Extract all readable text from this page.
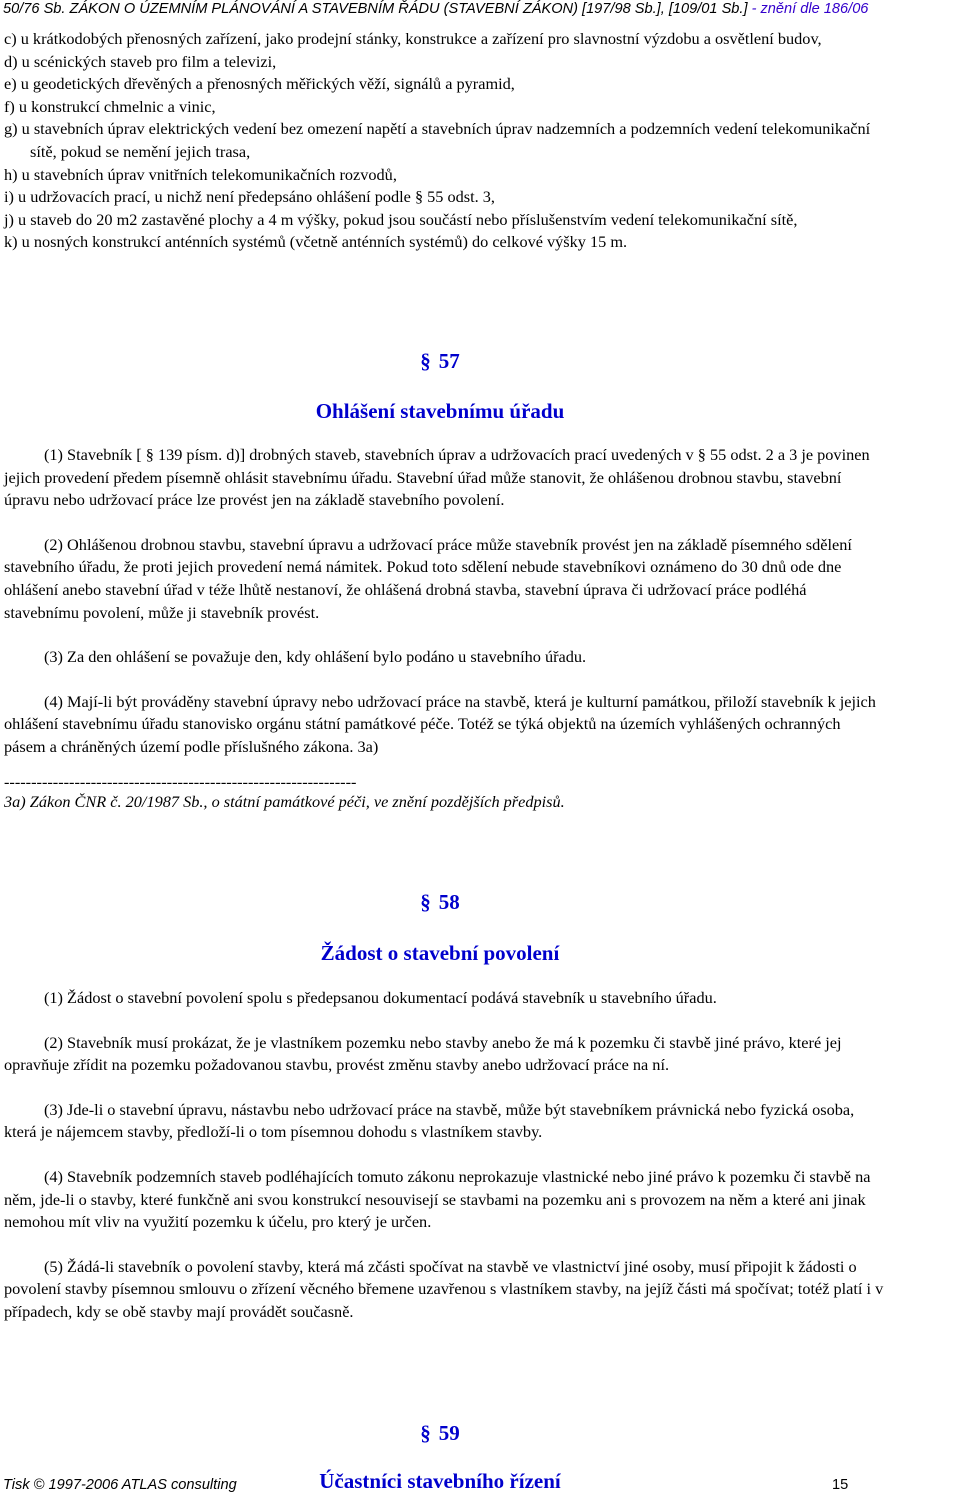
50/76 Sb. ZÁKON O ÚZEMNÍM PLÁNOVÁNÍ A STAVEBNÍM ŘÁDU (STAVEBNÍ ZÁKON) [197/98 Sb.], [109/01 Sb.] - znění dle 186/06
c) u krátkodobých přenosných zařízení, jako prodejní stánky, konstrukce a zařízení pro slavnostní výzdobu a osvětlení budov,
d) u scénických staveb pro film a televizi,
e) u geodetických dřevěných a přenosných měřických věží, signálů a pyramid,
f) u konstrukcí chmelnic a vinic,
g) u stavebních úprav elektrických vedení bez omezení napětí a stavebních úprav nadzemních a podzemních vedení telekomunikační sítě, pokud se nemění jejich trasa,
h) u stavebních úprav vnitřních telekomunikačních rozvodů,
i) u udržovacích prací, u nichž není předepsáno ohlášení podle § 55 odst. 3,
j) u staveb do 20 m2 zastavěné plochy a 4 m výšky, pokud jsou součástí nebo příslušenstvím vedení telekomunikační sítě,
k) u nosných konstrukcí anténních systémů (včetně anténních systémů) do celkové výšky 15 m.
§ 57
Ohlášení stavebnímu úřadu
(1) Stavebník [ § 139 písm. d)] drobných staveb, stavebních úprav a udržovacích prací uvedených v § 55 odst. 2 a 3 je povinen jejich provedení předem písemně ohlásit stavebnímu úřadu. Stavební úřad může stanovit, že ohlášenou drobnou stavbu, stavební úpravu nebo udržovací práce lze provést jen na základě stavebního povolení.
(2) Ohlášenou drobnou stavbu, stavební úpravu a udržovací práce může stavebník provést jen na základě písemného sdělení stavebního úřadu, že proti jejich provedení nemá námitek. Pokud toto sdělení nebude stavebníkovi oznámeno do 30 dnů ode dne ohlášení anebo stavební úřad v téže lhůtě nestanoví, že ohlášená drobná stavba, stavební úprava či udržovací práce podléhá stavebnímu povolení, může ji stavebník provést.
(3) Za den ohlášení se považuje den, kdy ohlášení bylo podáno u stavebního úřadu.
(4) Mají-li být prováděny stavební úpravy nebo udržovací práce na stavbě, která je kulturní památkou, přiloží stavebník k jejich ohlášení stavebnímu úřadu stanovisko orgánu státní památkové péče. Totéž se týká objektů na územích vyhlášených ochranných pásem a chráněných území podle příslušného zákona. 3a)
-----------------------------------------------------------------
3a) Zákon ČNR č. 20/1987 Sb., o státní památkové péči, ve znění pozdějších předpisů.
§ 58
Žádost o stavební povolení
(1) Žádost o stavební povolení spolu s předepsanou dokumentací podává stavebník u stavebního úřadu.
(2) Stavebník musí prokázat, že je vlastníkem pozemku nebo stavby anebo že má k pozemku či stavbě jiné právo, které jej opravňuje zřídit na pozemku požadovanou stavbu, provést změnu stavby anebo udržovací práce na ní.
(3) Jde-li o stavební úpravu, nástavbu nebo udržovací práce na stavbě, může být stavebníkem právnická nebo fyzická osoba, která je nájemcem stavby, předloží-li o tom písemnou dohodu s vlastníkem stavby.
(4) Stavebník podzemních staveb podléhajících tomuto zákonu neprokazuje vlastnické nebo jiné právo k pozemku či stavbě na něm, jde-li o stavby, které funkčně ani svou konstrukcí nesouvisejí se stavbami na pozemku ani s provozem na něm a které ani jinak nemohou mít vliv na využití pozemku k účelu, pro který je určen.
(5) Žádá-li stavebník o povolení stavby, která má zčásti spočívat na stavbě ve vlastnictví jiné osoby, musí připojit k žádosti o povolení stavby písemnou smlouvu o zřízení věcného břemene uzavřenou s vlastníkem stavby, na jejíž části má spočívat; totéž platí i v případech, kdy se obě stavby mají provádět současně.
§ 59
Účastníci stavebního řízení
Tisk © 1997-2006 ATLAS consulting	15
